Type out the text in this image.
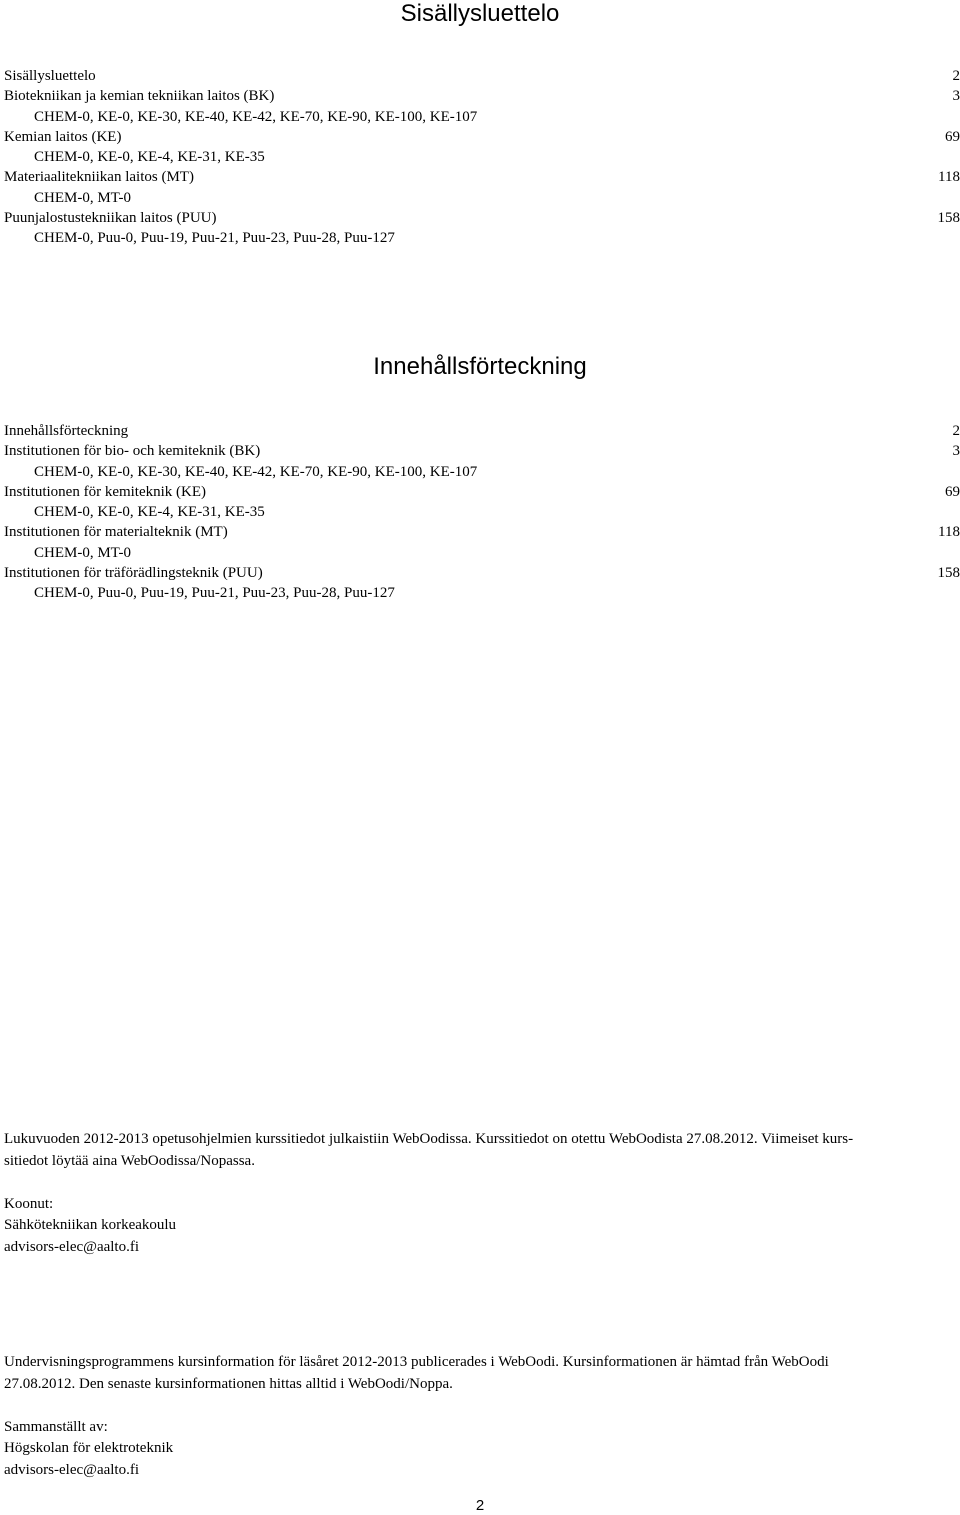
Sisällysluettelo
Sisällysluettelo	2
Biotekniikan ja kemian tekniikan laitos (BK)	3
CHEM-0, KE-0, KE-30, KE-40, KE-42, KE-70, KE-90, KE-100, KE-107
Kemian laitos (KE)	69
CHEM-0, KE-0, KE-4, KE-31, KE-35
Materiaalitekniikan laitos (MT)	118
CHEM-0, MT-0
Puunjalostustekniikan laitos (PUU)	158
CHEM-0, Puu-0, Puu-19, Puu-21, Puu-23, Puu-28, Puu-127
Innehållsförteckning
Innehållsförteckning	2
Institutionen för bio- och kemiteknik (BK)	3
CHEM-0, KE-0, KE-30, KE-40, KE-42, KE-70, KE-90, KE-100, KE-107
Institutionen för kemiteknik (KE)	69
CHEM-0, KE-0, KE-4, KE-31, KE-35
Institutionen för materialteknik (MT)	118
CHEM-0, MT-0
Institutionen för träförädlingsteknik (PUU)	158
CHEM-0, Puu-0, Puu-19, Puu-21, Puu-23, Puu-28, Puu-127

Lukuvuoden 2012-2013 opetusohjelmien kurssitiedot julkaistiin WebOodissa. Kurssitiedot on otettu WebOodista 27.08.2012. Viimeiset kurs-

sitiedot löytää aina WebOodissa/Nopassa.

Koonut:

Sähkötekniikan korkeakoulu

advisors-elec@aalto.fi

Undervisningsprogrammens kursinformation för läsåret 2012-2013 publicerades i WebOodi. Kursinformationen är hämtad från WebOodi

27.08.2012. Den senaste kursinformationen hittas alltid i WebOodi/Noppa.

Sammanställt av:

Högskolan för elektroteknik

advisors-elec@aalto.fi

2
